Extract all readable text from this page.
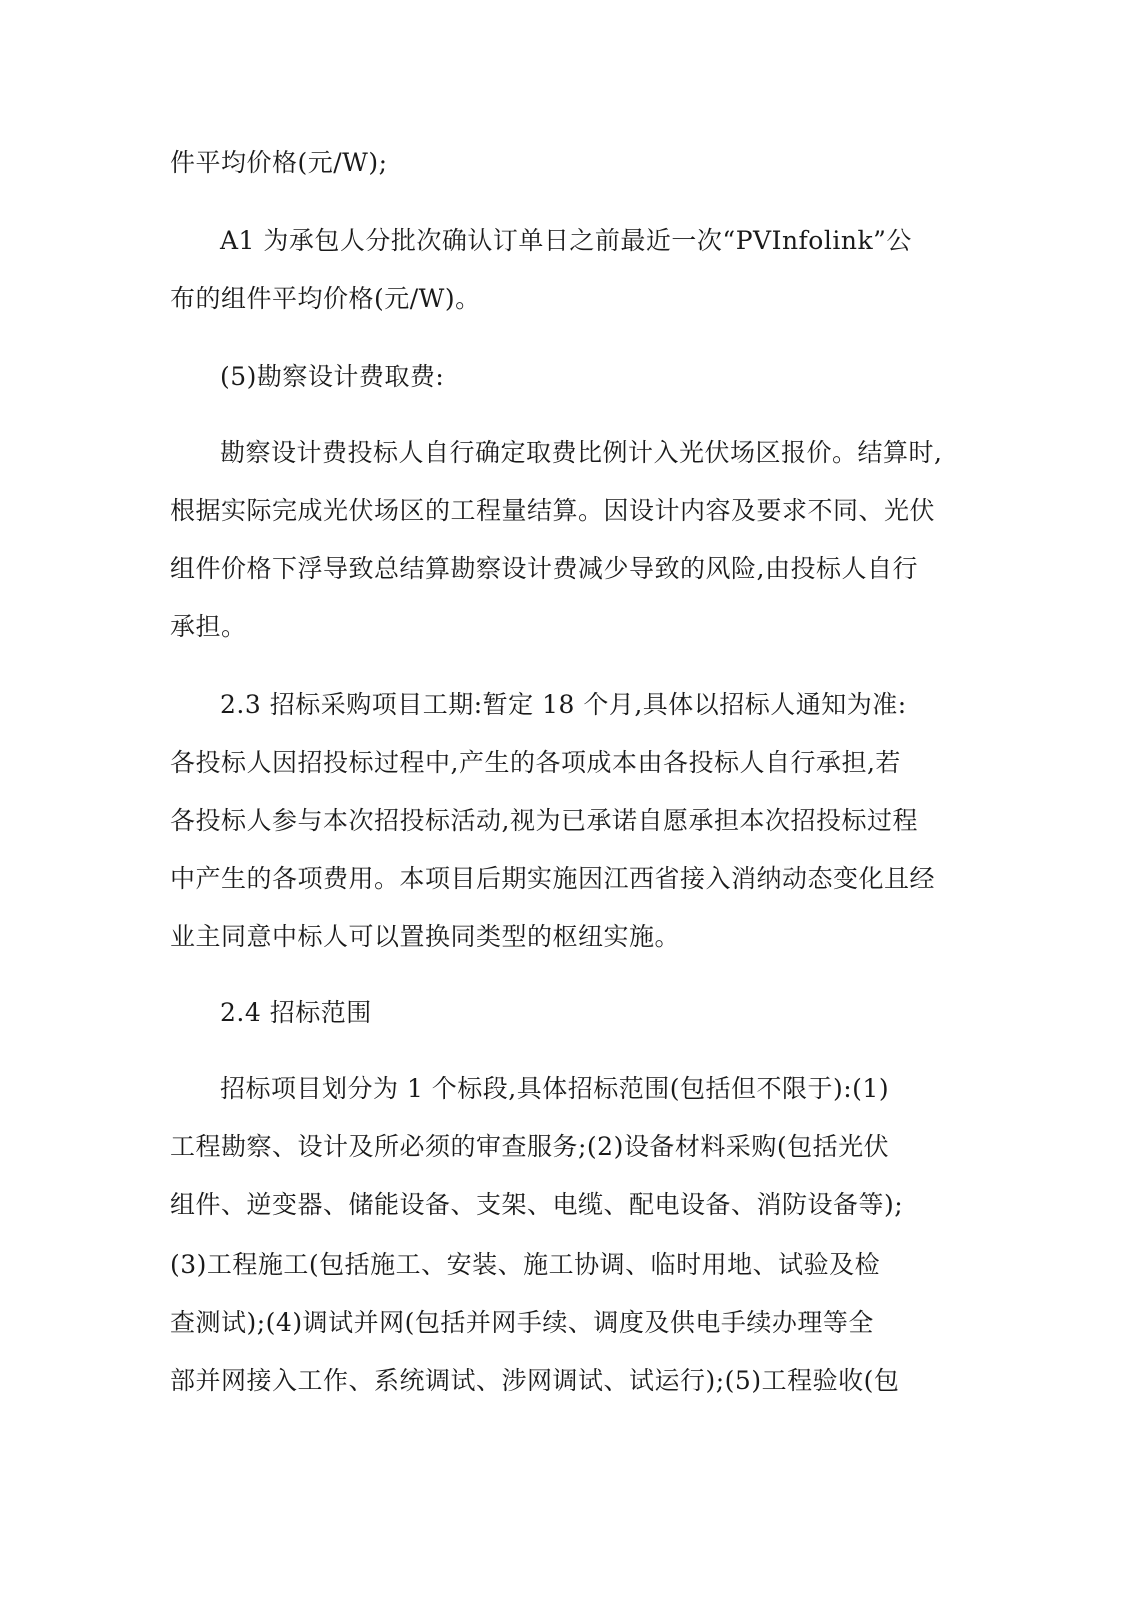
件平均价格(元/W);
A1 为承包人分批次确认订单日之前最近一次“PVInfolink”公
布的组件平均价格(元/W)。
(5)勘察设计费取费:
勘察设计费投标人自行确定取费比例计入光伏场区报价。结算时,
根据实际完成光伏场区的工程量结算。因设计内容及要求不同、光伏
组件价格下浮导致总结算勘察设计费减少导致的风险,由投标人自行
承担。
2.3 招标采购项目工期:暂定 18 个月,具体以招标人通知为准:
各投标人因招投标过程中,产生的各项成本由各投标人自行承担,若
各投标人参与本次招投标活动,视为已承诺自愿承担本次招投标过程
中产生的各项费用。本项目后期实施因江西省接入消纳动态变化且经
业主同意中标人可以置换同类型的枢纽实施。
2.4 招标范围
招标项目划分为 1 个标段,具体招标范围(包括但不限于):(1)
工程勘察、设计及所必须的审查服务;(2)设备材料采购(包括光伏
组件、逆变器、储能设备、支架、电缆、配电设备、消防设备等);
(3)工程施工(包括施工、安装、施工协调、临时用地、试验及检
查测试);(4)调试并网(包括并网手续、调度及供电手续办理等全
部并网接入工作、系统调试、涉网调试、试运行);(5)工程验收(包
